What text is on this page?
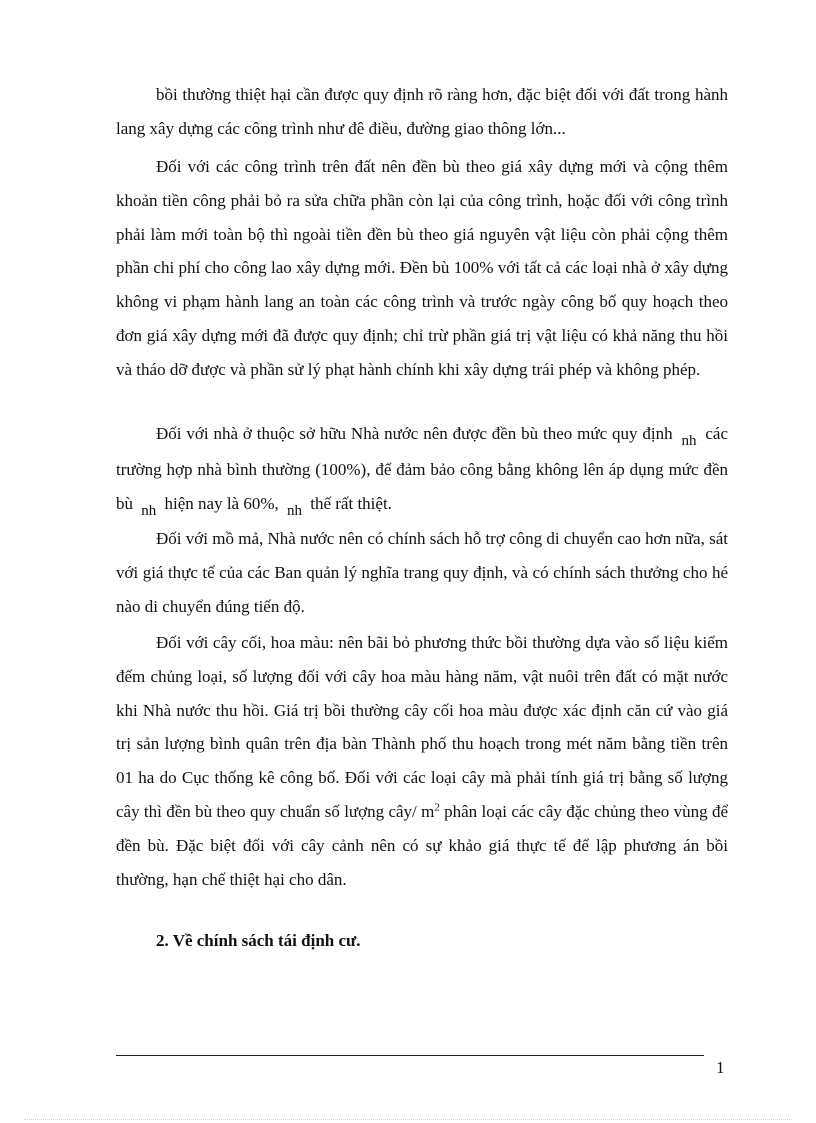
bồi thường thiệt hại cần được quy định rõ ràng hơn, đặc biệt đối với đất trong hành lang xây dựng các công trình như đê điều, đường giao thông lớn...

Đối với các công trình trên đất nên đền bù theo giá xây dựng mới và cộng thêm khoản tiền công phải bỏ ra sửa chữa phần còn lại của công trình, hoặc đối với công trình phải làm mới toàn bộ thì ngoài tiền đền bù theo giá nguyên vật liệu còn phải cộng thêm phần chi phí cho công lao xây dựng mới. Đền bù 100% với tất cả các loại nhà ở xây dựng không vi phạm hành lang an toàn các công trình và trước ngày công bố quy hoạch theo đơn giá xây dựng mới đã được quy định; chỉ trừ phần giá trị vật liệu có khả năng thu hồi và tháo dỡ được và phần sử lý phạt hành chính khi xây dựng trái phép và không phép.

Đối với nhà ở thuộc sở hữu Nhà nước nên được đền bù theo mức quy định nh các trường hợp nhà bình thường (100%), để đảm bảo công bằng không lên áp dụng mức đền bù nh hiện nay là 60%, nh thế rất thiệt.

Đối với mồ mả, Nhà nước nên có chính sách hỗ trợ công di chuyển cao hơn nữa, sát với giá thực tế của các Ban quản lý nghĩa trang quy định, và có chính sách thưởng cho hé nào di chuyển đúng tiến độ.

Đối với cây cối, hoa màu: nên bãi bỏ phương thức bồi thường dựa vào số liệu kiểm đếm chủng loại, số lượng đối với cây hoa màu hàng năm, vật nuôi trên đất có mặt nước khi Nhà nước thu hồi. Giá trị bồi thường cây cối hoa màu được xác định căn cứ vào giá trị sản lượng bình quân trên địa bàn Thành phố thu hoạch trong mét năm bằng tiền trên 01 ha do Cục thống kê công bố. Đối với các loại cây mà phải tính giá trị bằng số lượng cây thì đền bù theo quy chuẩn số lượng cây/ $m^2$ phân loại các cây đặc chủng theo vùng để đền bù. Đặc biệt đối với cây cảnh nên có sự khảo giá thực tế để lập phương án bồi thường, hạn chế thiệt hại cho dân.

2. Về chính sách tái định cư.
1
